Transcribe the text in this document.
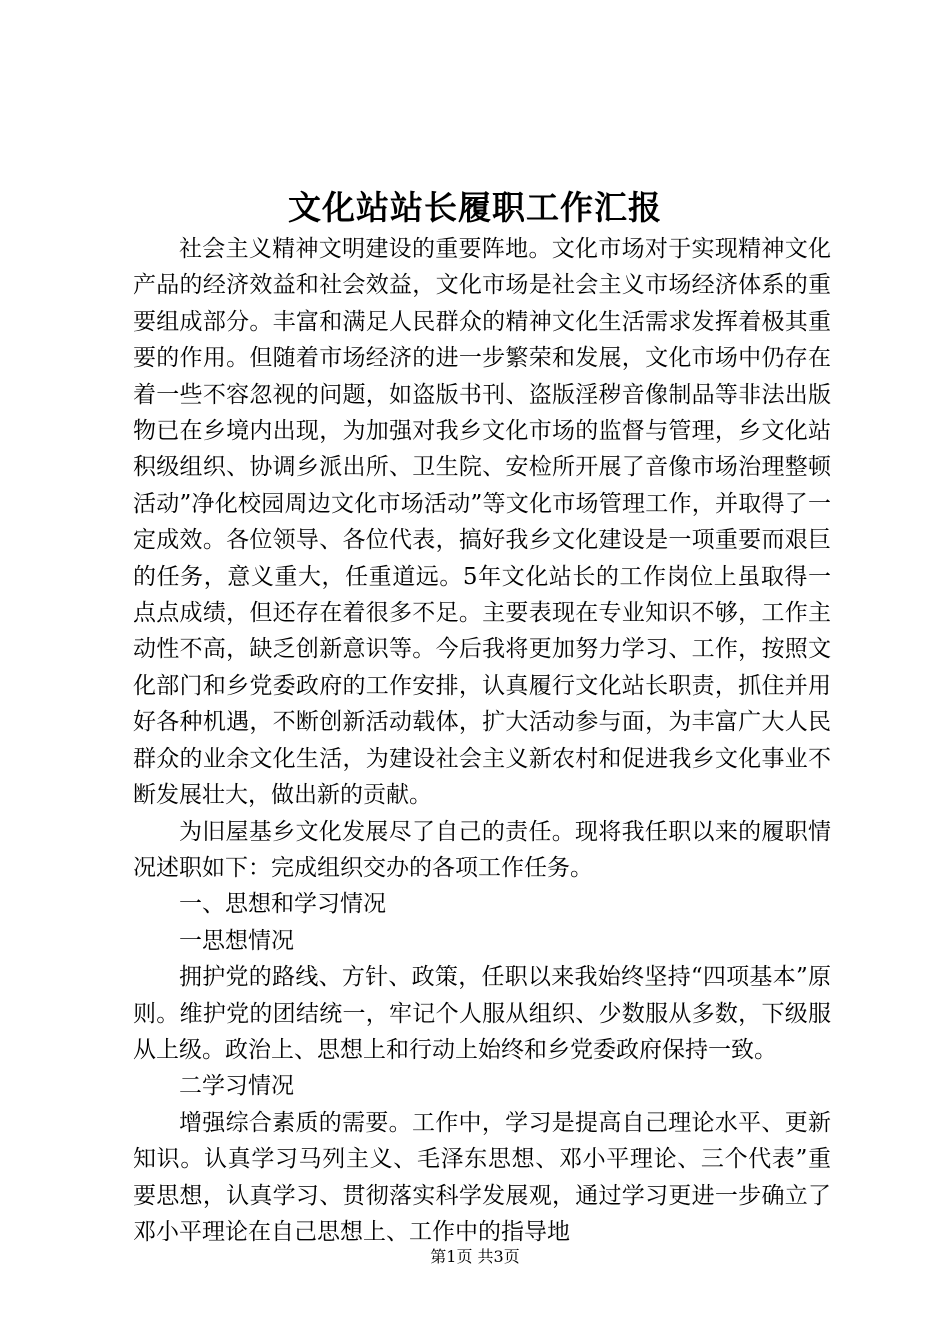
文化站站长履职工作汇报

社会主义精神文明建设的重要阵地。文化市场对于实现精神文化产品的经济效益和社会效益，文化市场是社会主义市场经济体系的重要组成部分。丰富和满足人民群众的精神文化生活需求发挥着极其重要的作用。但随着市场经济的进一步繁荣和发展，文化市场中仍存在着一些不容忽视的问题，如盗版书刊、盗版淫秽音像制品等非法出版物已在乡境内出现，为加强对我乡文化市场的监督与管理，乡文化站积级组织、协调乡派出所、卫生院、安检所开展了音像市场治理整顿活动”净化校园周边文化市场活动”等文化市场管理工作，并取得了一定成效。各位领导、各位代表，搞好我乡文化建设是一项重要而艰巨的任务，意义重大，任重道远。5年文化站长的工作岗位上虽取得一点点成绩，但还存在着很多不足。主要表现在专业知识不够，工作主动性不高，缺乏创新意识等。今后我将更加努力学习、工作，按照文化部门和乡党委政府的工作安排，认真履行文化站长职责，抓住并用好各种机遇，不断创新活动载体，扩大活动参与面，为丰富广大人民群众的业余文化生活，为建设社会主义新农村和促进我乡文化事业不断发展壮大，做出新的贡献。

为旧屋基乡文化发展尽了自己的责任。现将我任职以来的履职情况述职如下：完成组织交办的各项工作任务。

一、思想和学习情况

一思想情况

拥护党的路线、方针、政策，任职以来我始终坚持“四项基本”原则。维护党的团结统一，牢记个人服从组织、少数服从多数，下级服从上级。政治上、思想上和行动上始终和乡党委政府保持一致。

二学习情况

增强综合素质的需要。工作中，学习是提高自己理论水平、更新知识。认真学习马列主义、毛泽东思想、邓小平理论、三个代表”重要思想，认真学习、贯彻落实科学发展观，通过学习更进一步确立了邓小平理论在自己思想上、工作中的指导地

第1页 共3页
